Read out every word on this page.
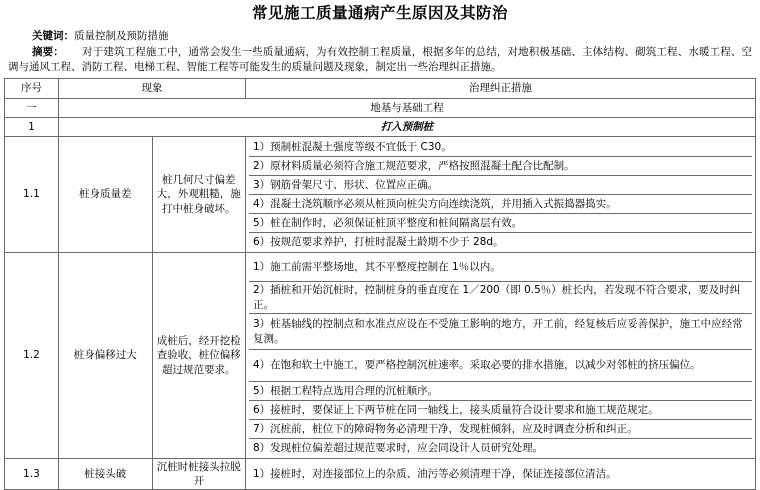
常见施工质量通病产生原因及其防治
关键词：质量控制及预防措施
摘要： 对于建筑工程施工中，通常会发生一些质量通病，为有效控制工程质量，根据多年的总结，对地积极基础、主体结构、砌筑工程、水暖工程、空调与通风工程、消防工程、电梯工程、智能工程等可能发生的质量问题及现象，制定出一些治理纠正措施。
序号	现象	治理纠正措施
一	地基与基础工程
1	打入预制桩
1.1	桩身质量差	桩几何尺寸偏差大，外观粗糙，施打中桩身破坏。	
1）预制桩混凝土强度等级不宜低于 C30。
2）原材料质量必须符合施工规范要求，严格按照混凝土配合比配制。
3）钢筋骨架尺寸、形状、位置应正确。
4）混凝土浇筑顺序必须从桩顶向桩尖方向连续浇筑，并用插入式振捣器捣实。
5）桩在制作时，必须保证桩顶平整度和桩间隔离层有效。
6）按规范要求养护，打桩时混凝土龄期不少于 28d。

1.2	桩身偏移过大	成桩后，经开挖检查验收，桩位偏移超过规范要求。	
1）施工前需平整场地，其不平整度控制在 1％以内。
2）插桩和开始沉桩时，控制桩身的垂直度在 1／200（即 0.5％）桩长内，若发现不符合要求，要及时纠正。
3）桩基轴线的控制点和水准点应设在不受施工影响的地方，开工前，经复核后应妥善保护，施工中应经常复测。
4）在饱和软土中施工，要严格控制沉桩速率。采取必要的排水措施，以减少对邻桩的挤压偏位。
5）根据工程特点选用合理的沉桩顺序。
6）接桩时，要保证上下两节桩在同一轴线上，接头质量符合设计要求和施工规范规定。
7）沉桩前，桩位下的障碍物务必清理干净，发现桩倾斜，应及时调查分析和纠正。
8）发现桩位偏差超过规范要求时，应会同设计人员研究处理。

1.3	桩接头破	沉桩时桩接头拉脱开	
1）接桩时，对连接部位上的杂质、油污等必须清理干净，保证连接部位清洁。
